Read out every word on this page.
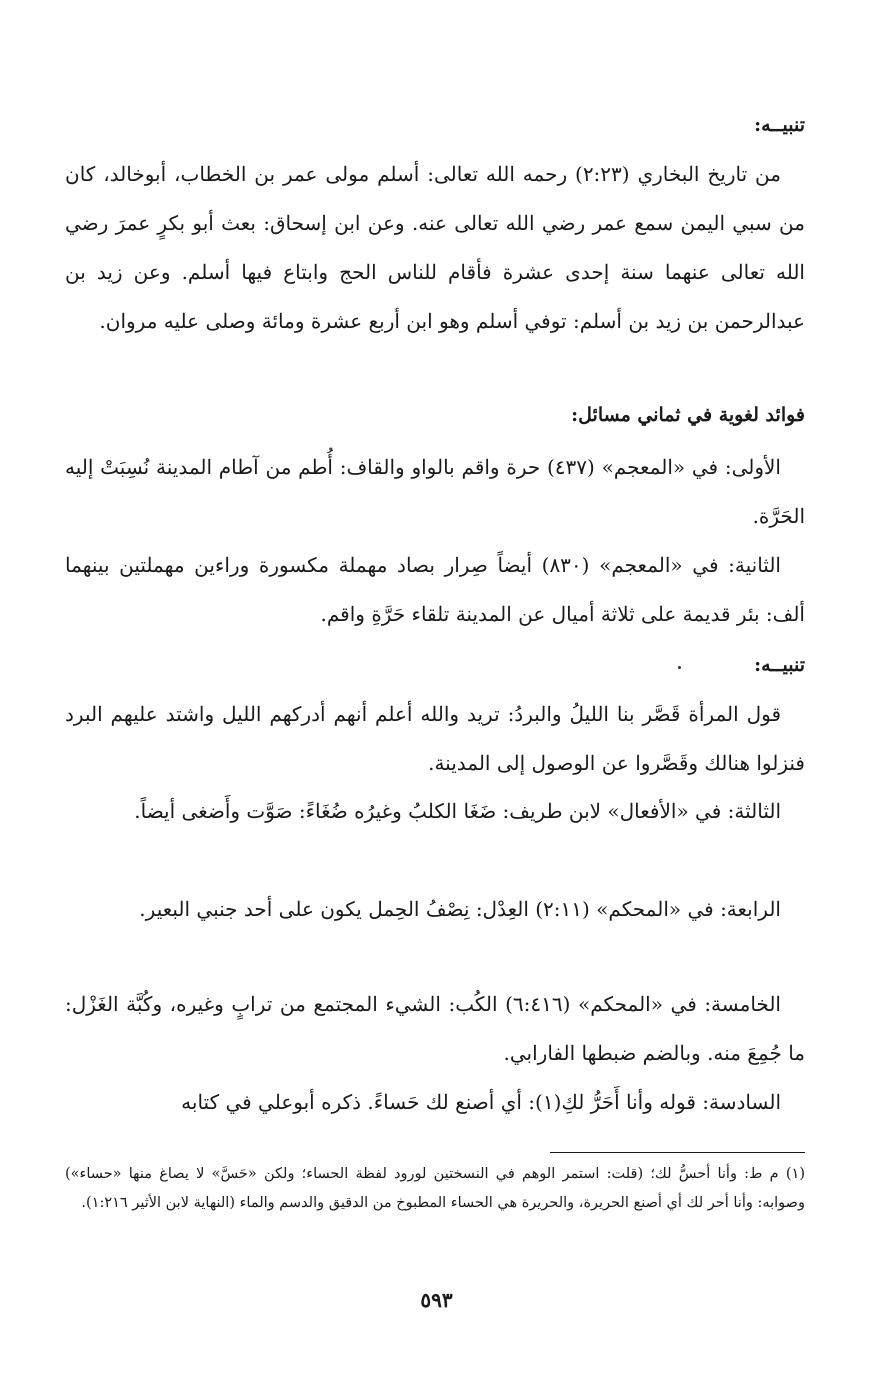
تنبيــه:
من تاريخ البخاري (٢:٢٣) رحمه الله تعالى: أسلم مولى عمر بن الخطاب، أبوخالد، كان من سبي اليمن سمع عمر رضي الله تعالى عنه. وعن ابن إسحاق: بعث أبو بكرٍ عمرَ رضي الله تعالى عنهما سنة إحدى عشرة فأقام للناس الحج وابتاع فيها أسلم. وعن زيد بن عبدالرحمن بن زيد بن أسلم: توفي أسلم وهو ابن أربع عشرة ومائة وصلى عليه مروان.
فوائد لغوية في ثماني مسائل:
الأولى: في «المعجم» (٤٣٧) حرة واقم بالواو والقاف: أُطم من آطام المدينة نُسِبَتْ إليه الحَرَّة.
الثانية: في «المعجم» (٨٣٠) أيضاً صِرار بصاد مهملة مكسورة وراءين مهملتين بينهما ألف: بئر قديمة على ثلاثة أميال عن المدينة تلقاء حَرَّةِ واقم.
تنبيــه:
قول المرأة قَصَّر بنا الليلُ والبردُ: تريد والله أعلم أنهم أدركهم الليل واشتد عليهم البرد فنزلوا هنالك وقَصَّروا عن الوصول إلى المدينة.
الثالثة: في «الأفعال» لابن طريف: ضَغَا الكلبُ وغيرُه ضُغَاءً: صَوَّت وأَضغى أيضاً.
الرابعة: في «المحكم» (٢:١١) العِدْل: نِصْفُ الحِمل يكون على أحد جنبي البعير.
الخامسة: في «المحكم» (٦:٤١٦) الكُب: الشيء المجتمع من ترابٍ وغيره، وكُبَّة الغَزْل: ما جُمِعَ منه. وبالضم ضبطها الفارابي.
السادسة: قوله وأنا أَحَرُّ لكِ(١): أي أصنع لك حَساءً. ذكره أبوعلي في كتابه
(١) م ط: وأنا أحسُّ لك؛ (قلت: استمر الوهم في النسختين لورود لفظة الحساء؛ ولكن «حَسَّ» لا يصاغ منها «حساء») وصوابه: وأنا أحر لك أي أصنع الحريرة، والحريرة هي الحساء المطبوخ من الدقيق والدسم والماء (النهاية لابن الأثير ١:٢١٦).
٥٩٣
